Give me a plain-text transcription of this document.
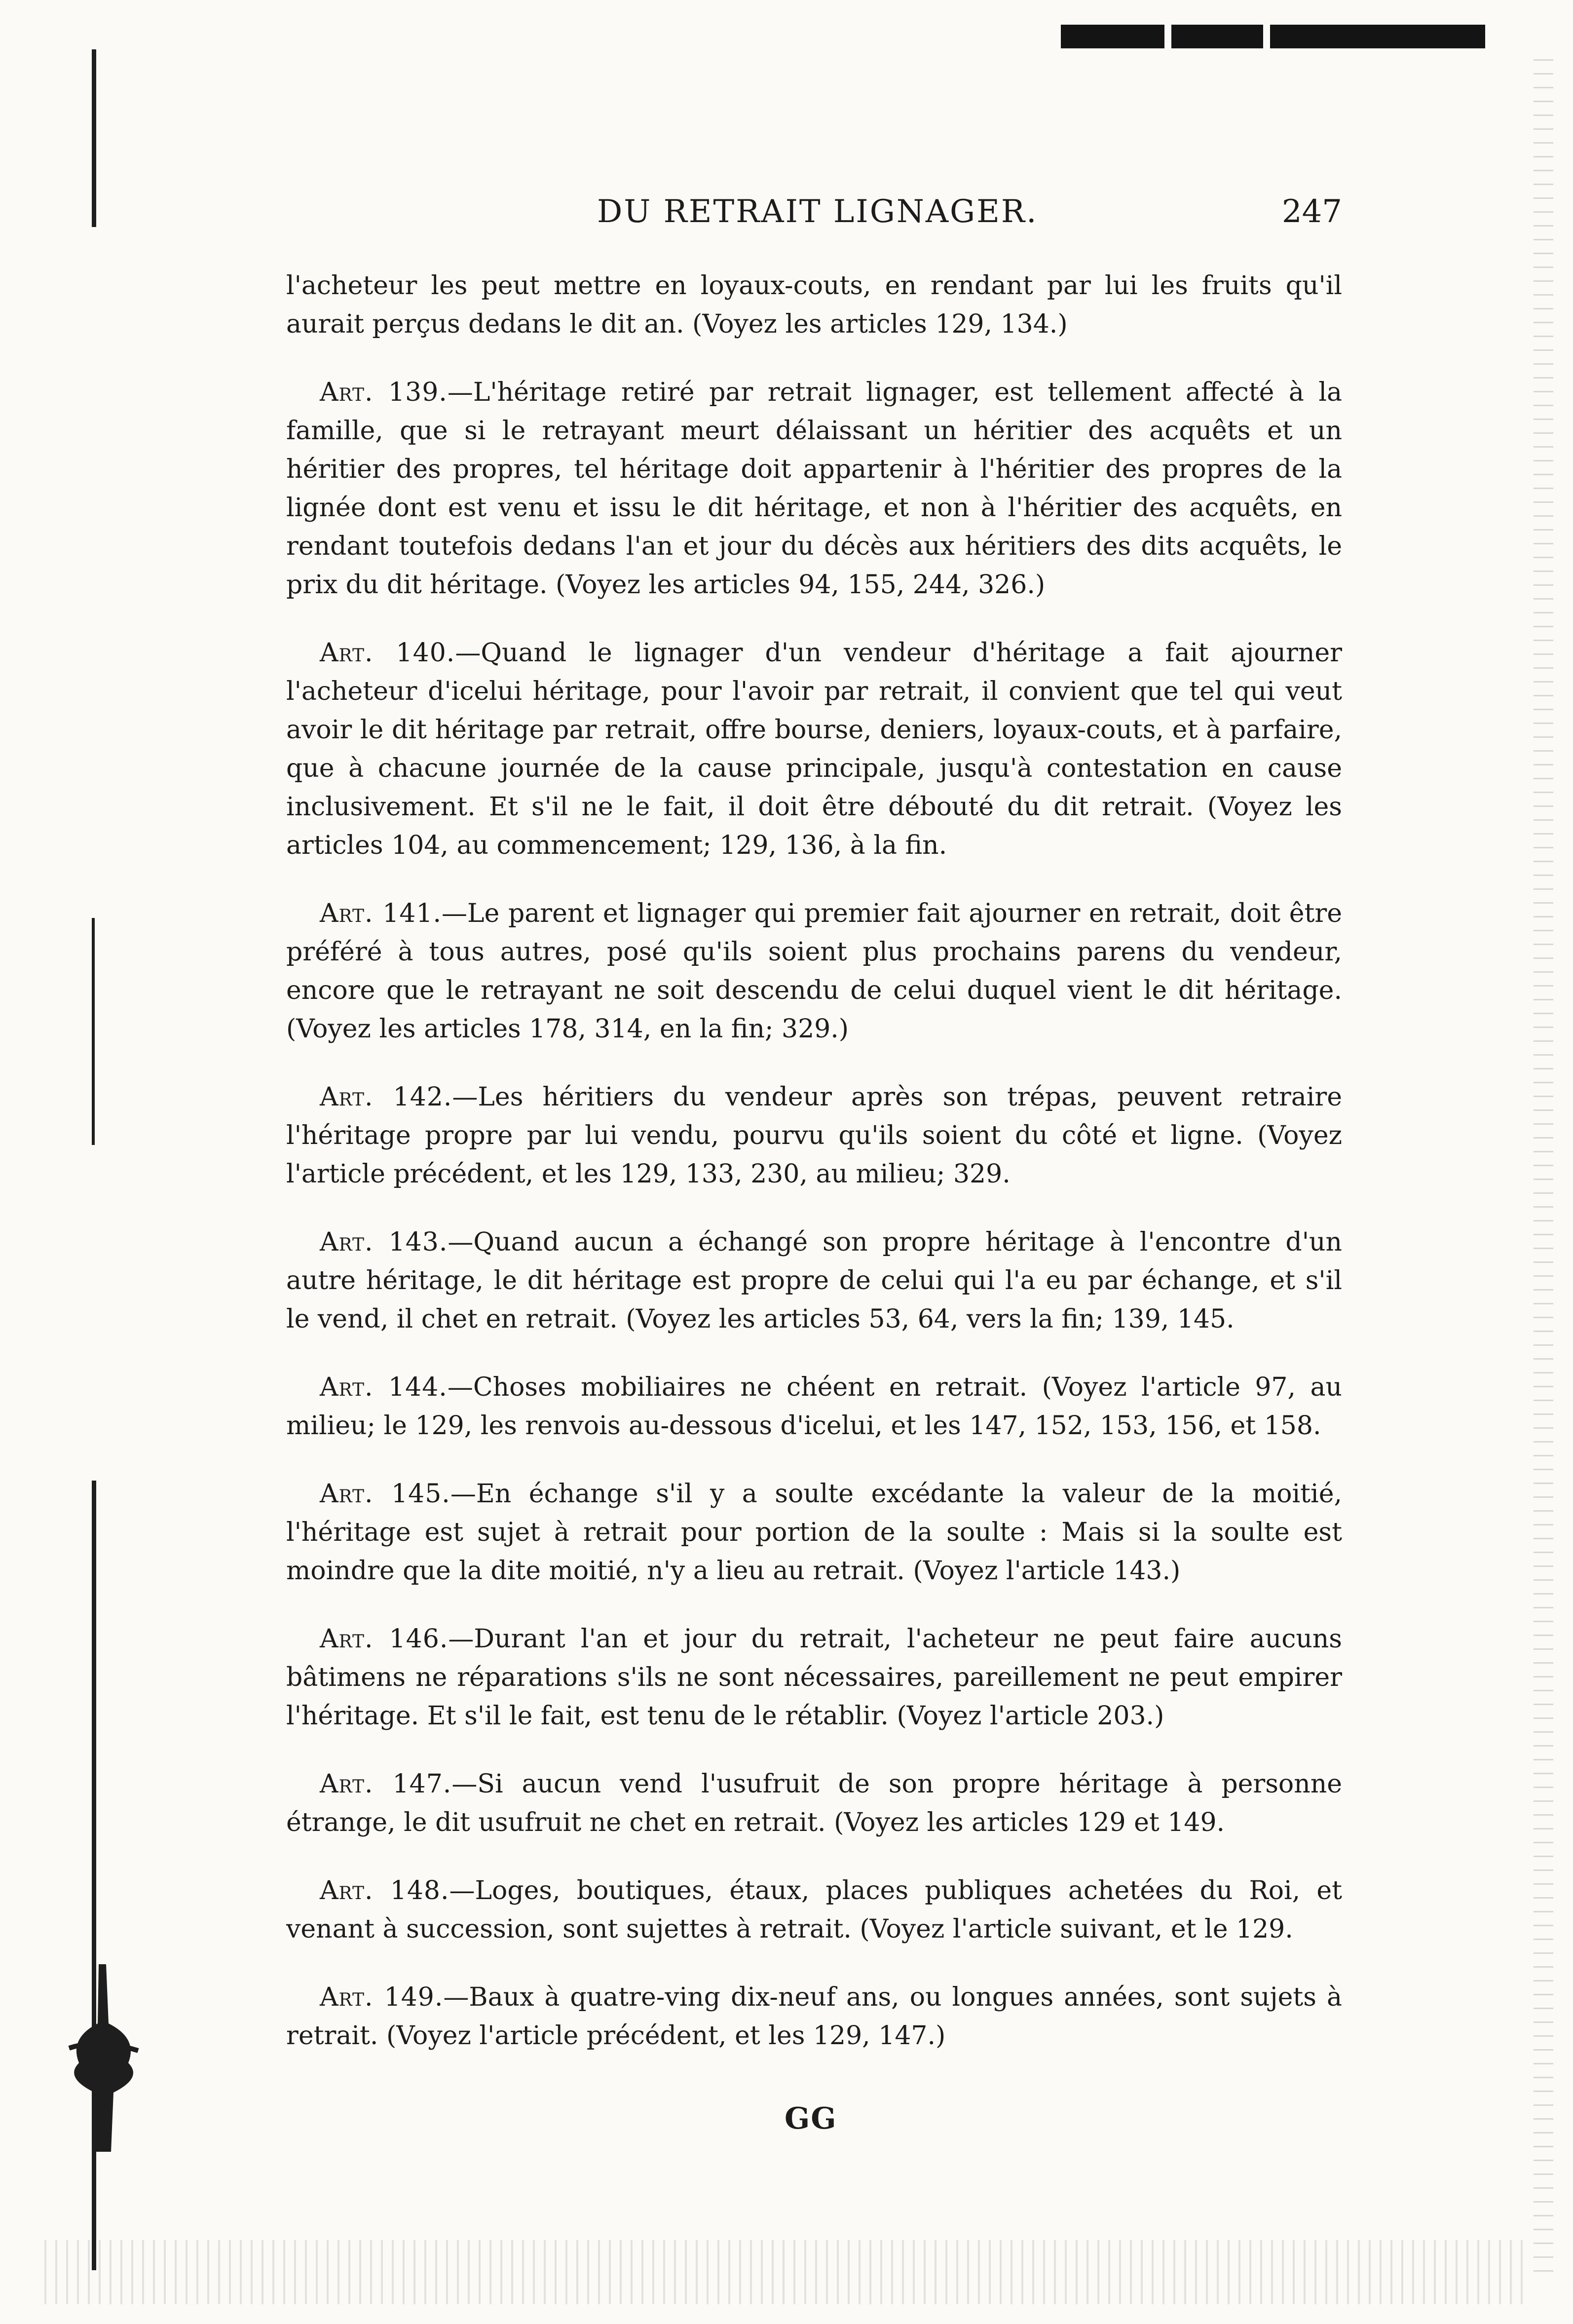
DU RETRAIT LIGNAGER.	247

l'acheteur les peut mettre en loyaux-couts, en rendant par lui les fruits qu'il aurait perçus dedans le dit an. (Voyez les articles 129, 134.)

Art. 139.—L'héritage retiré par retrait lignager, est tellement affecté à la famille, que si le retrayant meurt délaissant un héritier des acquêts et un héritier des propres, tel héritage doit appartenir à l'héritier des propres de la lignée dont est venu et issu le dit héritage, et non à l'héritier des acquêts, en rendant toutefois dedans l'an et jour du décès aux héritiers des dits acquêts, le prix du dit héritage. (Voyez les articles 94, 155, 244, 326.)

Art. 140.—Quand le lignager d'un vendeur d'héritage a fait ajourner l'acheteur d'icelui héritage, pour l'avoir par retrait, il convient que tel qui veut avoir le dit héritage par retrait, offre bourse, deniers, loyaux-couts, et à parfaire, que à chacune journée de la cause principale, jusqu'à contestation en cause inclusivement. Et s'il ne le fait, il doit être débouté du dit retrait. (Voyez les articles 104, au commencement; 129, 136, à la fin.

Art. 141.—Le parent et lignager qui premier fait ajourner en retrait, doit être préféré à tous autres, posé qu'ils soient plus prochains parens du vendeur, encore que le retrayant ne soit descendu de celui duquel vient le dit héritage. (Voyez les articles 178, 314, en la fin; 329.)

Art. 142.—Les héritiers du vendeur après son trépas, peuvent retraire l'héritage propre par lui vendu, pourvu qu'ils soient du côté et ligne. (Voyez l'article précédent, et les 129, 133, 230, au milieu; 329.

Art. 143.—Quand aucun a échangé son propre héritage à l'encontre d'un autre héritage, le dit héritage est propre de celui qui l'a eu par échange, et s'il le vend, il chet en retrait. (Voyez les articles 53, 64, vers la fin; 139, 145.

Art. 144.—Choses mobiliaires ne chéent en retrait. (Voyez l'article 97, au milieu; le 129, les renvois au-dessous d'icelui, et les 147, 152, 153, 156, et 158.

Art. 145.—En échange s'il y a soulte excédante la valeur de la moitié, l'héritage est sujet à retrait pour portion de la soulte : Mais si la soulte est moindre que la dite moitié, n'y a lieu au retrait. (Voyez l'article 143.)

Art. 146.—Durant l'an et jour du retrait, l'acheteur ne peut faire aucuns bâtimens ne réparations s'ils ne sont nécessaires, pareillement ne peut empirer l'héritage. Et s'il le fait, est tenu de le rétablir. (Voyez l'article 203.)

Art. 147.—Si aucun vend l'usufruit de son propre héritage à personne étrange, le dit usufruit ne chet en retrait. (Voyez les articles 129 et 149.

Art. 148.—Loges, boutiques, étaux, places publiques achetées du Roi, et venant à succession, sont sujettes à retrait. (Voyez l'article suivant, et le 129.

Art. 149.—Baux à quatre-ving dix-neuf ans, ou longues années, sont sujets à retrait. (Voyez l'article précédent, et les 129, 147.)

GG
